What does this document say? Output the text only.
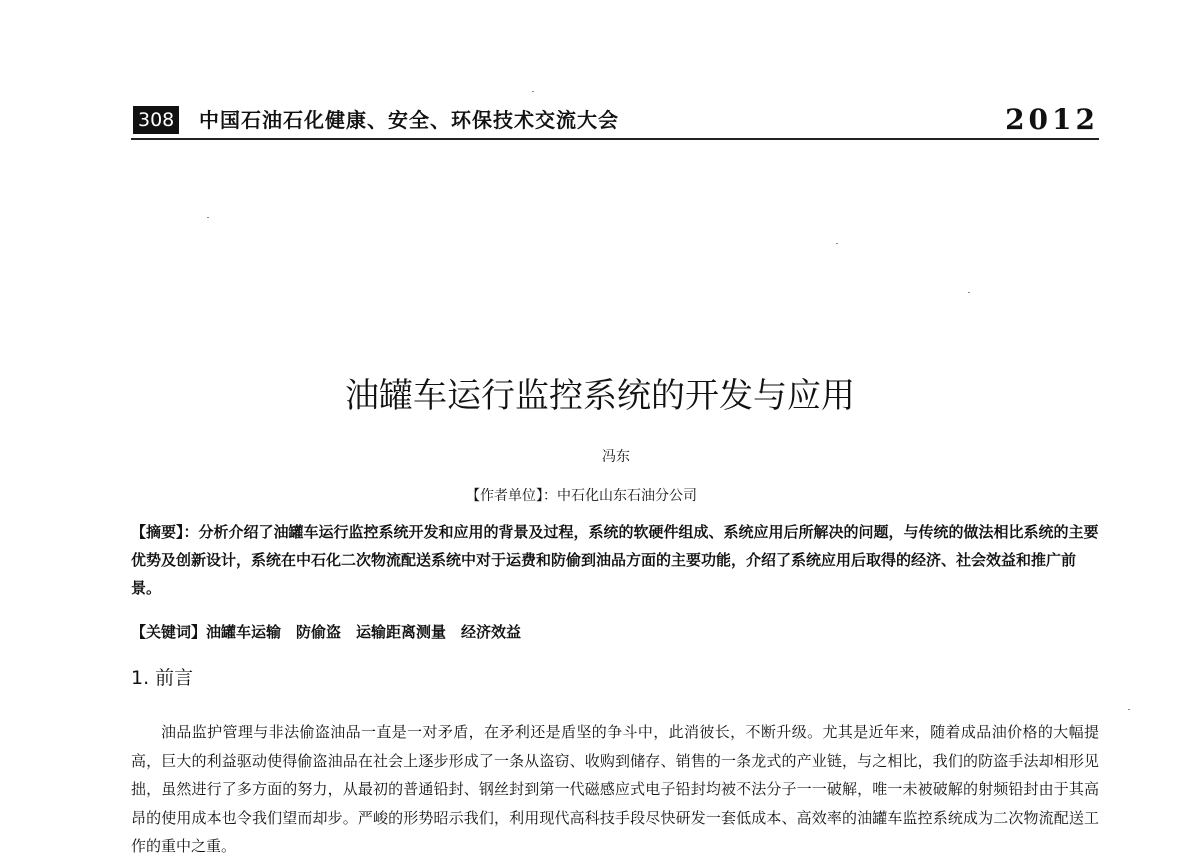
308 中国石油石化健康、安全、环保技术交流大会	2012
油罐车运行监控系统的开发与应用
冯东
【作者单位】：中石化山东石油分公司

【摘要】：分析介绍了油罐车运行监控系统开发和应用的背景及过程，系统的软硬件组成、系统应用后所解决的问题，与传统的做法相比系统的主要优势及创新设计，系统在中石化二次物流配送系统中对于运费和防偷到油品方面的主要功能，介绍了系统应用后取得的经济、社会效益和推广前景。

【关键词】油罐车运输　防偷盗　运输距离测量　经济效益

1. 前言

油品监护管理与非法偷盗油品一直是一对矛盾，在矛利还是盾坚的争斗中，此消彼长，不断升级。尤其是近年来，随着成品油价格的大幅提高，巨大的利益驱动使得偷盗油品在社会上逐步形成了一条从盗窃、收购到储存、销售的一条龙式的产业链，与之相比，我们的防盗手法却相形见拙，虽然进行了多方面的努力，从最初的普通铅封、钢丝封到第一代磁感应式电子铅封均被不法分子一一破解，唯一未被破解的射频铅封由于其高昂的使用成本也令我们望而却步。严峻的形势昭示我们，利用现代高科技手段尽快研发一套低成本、高效率的油罐车监控系统成为二次物流配送工作的重中之重。
